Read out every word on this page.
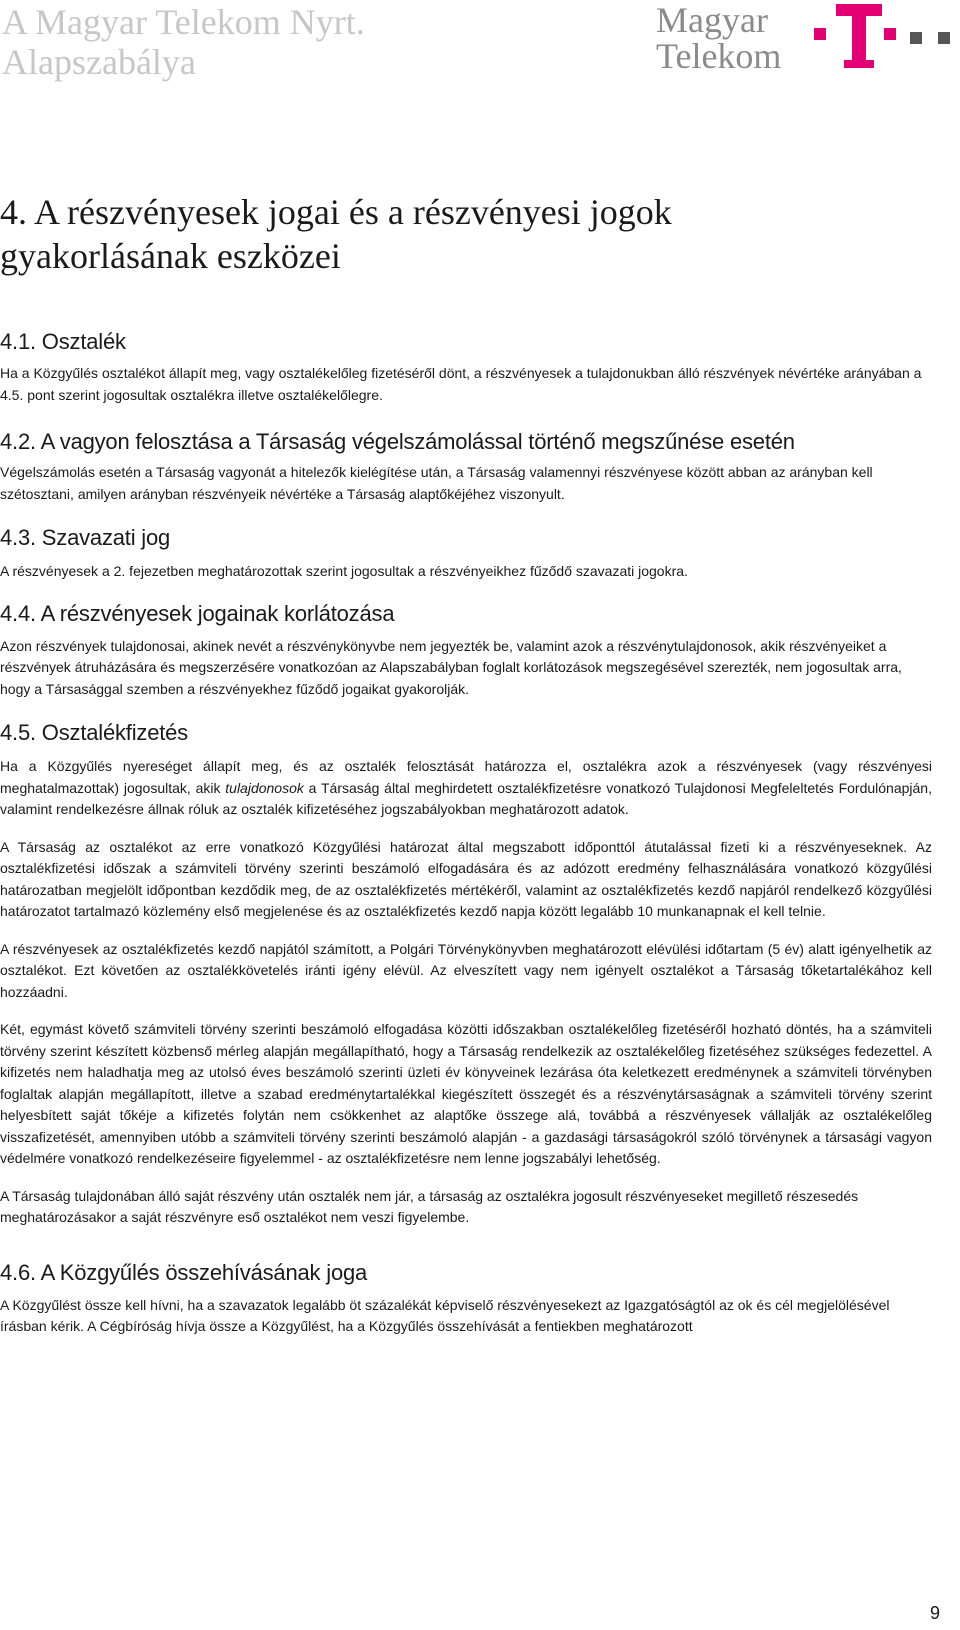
A Magyar Telekom Nyrt.
Alapszabálya
Magyar
Telekom
4. A részvényesek jogai és a részvényesi jogok
gyakorlásának eszközei
4.1. Osztalék

Ha a Közgyűlés osztalékot állapít meg, vagy osztalékelőleg fizetéséről dönt, a részvényesek a tulajdonukban álló részvények névértéke arányában a 4.5. pont szerint jogosultak osztalékra illetve osztalékelőlegre.

4.2. A vagyon felosztása a Társaság végelszámolással történő megszűnése esetén

Végelszámolás esetén a Társaság vagyonát a hitelezők kielégítése után, a Társaság valamennyi részvényese között abban az arányban kell szétosztani, amilyen arányban részvényeik névértéke a Társaság alaptőkéjéhez viszonyult.

4.3. Szavazati jog

A részvényesek a 2. fejezetben meghatározottak szerint jogosultak a részvényeikhez fűződő szavazati jogokra.

4.4. A részvényesek jogainak korlátozása

Azon részvények tulajdonosai, akinek nevét a részvénykönyvbe nem jegyezték be, valamint azok a részvénytulajdonosok, akik részvényeiket a részvények átruházására és megszerzésére vonatkozóan az Alapszabályban foglalt korlátozások megszegésével szerezték, nem jogosultak arra, hogy a Társasággal szemben a részvényekhez fűződő jogaikat gyakorolják.

4.5. Osztalékfizetés

Ha a Közgyűlés nyereséget állapít meg, és az osztalék felosztását határozza el, osztalékra azok a részvényesek (vagy részvényesi meghatalmazottak) jogosultak, akik tulajdonosok a Társaság által meghirdetett osztalékfizetésre vonatkozó Tulajdonosi Megfeleltetés Fordulónapján, valamint rendelkezésre állnak róluk az osztalék kifizetéséhez jogszabályokban meghatározott adatok.

A Társaság az osztalékot az erre vonatkozó Közgyűlési határozat által megszabott időponttól átutalással fizeti ki a részvényeseknek. Az osztalékfizetési időszak a számviteli törvény szerinti beszámoló elfogadására és az adózott eredmény felhasználására vonatkozó közgyűlési határozatban megjelölt időpontban kezdődik meg, de az osztalékfizetés mértékéről, valamint az osztalékfizetés kezdő napjáról rendelkező közgyűlési határozatot tartalmazó közlemény első megjelenése és az osztalékfizetés kezdő napja között legalább 10 munkanapnak el kell telnie.

A részvényesek az osztalékfizetés kezdő napjától számított, a Polgári Törvénykönyvben meghatározott elévülési időtartam (5 év) alatt igényelhetik az osztalékot. Ezt követően az osztalékkövetelés iránti igény elévül. Az elveszített vagy nem igényelt osztalékot a Társaság tőketartalékához kell hozzáadni.

Két, egymást követő számviteli törvény szerinti beszámoló elfogadása közötti időszakban osztalékelőleg fizetéséről hozható döntés, ha a számviteli törvény szerint készített közbenső mérleg alapján megállapítható, hogy a Társaság rendelkezik az osztalékelőleg fizetéséhez szükséges fedezettel. A kifizetés nem haladhatja meg az utolsó éves beszámoló szerinti üzleti év könyveinek lezárása óta keletkezett eredménynek a számviteli törvényben foglaltak alapján megállapított, illetve a szabad eredménytartalékkal kiegészített összegét és a részvénytársaságnak a számviteli törvény szerint helyesbített saját tőkéje a kifizetés folytán nem csökkenhet az alaptőke összege alá, továbbá a részvényesek vállalják az osztalékelőleg visszafizetését, amennyiben utóbb a számviteli törvény szerinti beszámoló alapján - a gazdasági társaságokról szóló törvénynek a társasági vagyon védelmére vonatkozó rendelkezéseire figyelemmel - az osztalékfizetésre nem lenne jogszabályi lehetőség.

A Társaság tulajdonában álló saját részvény után osztalék nem jár, a társaság az osztalékra jogosult részvényeseket megillető részesedés meghatározásakor a saját részvényre eső osztalékot nem veszi figyelembe.

4.6. A Közgyűlés összehívásának joga

A Közgyűlést össze kell hívni, ha a szavazatok legalább öt százalékát képviselő részvényesekezt az Igazgatóságtól az ok és cél megjelölésével írásban kérik. A Cégbíróság hívja össze a Közgyűlést, ha a Közgyűlés összehívását a fentiekben meghatározott

9
